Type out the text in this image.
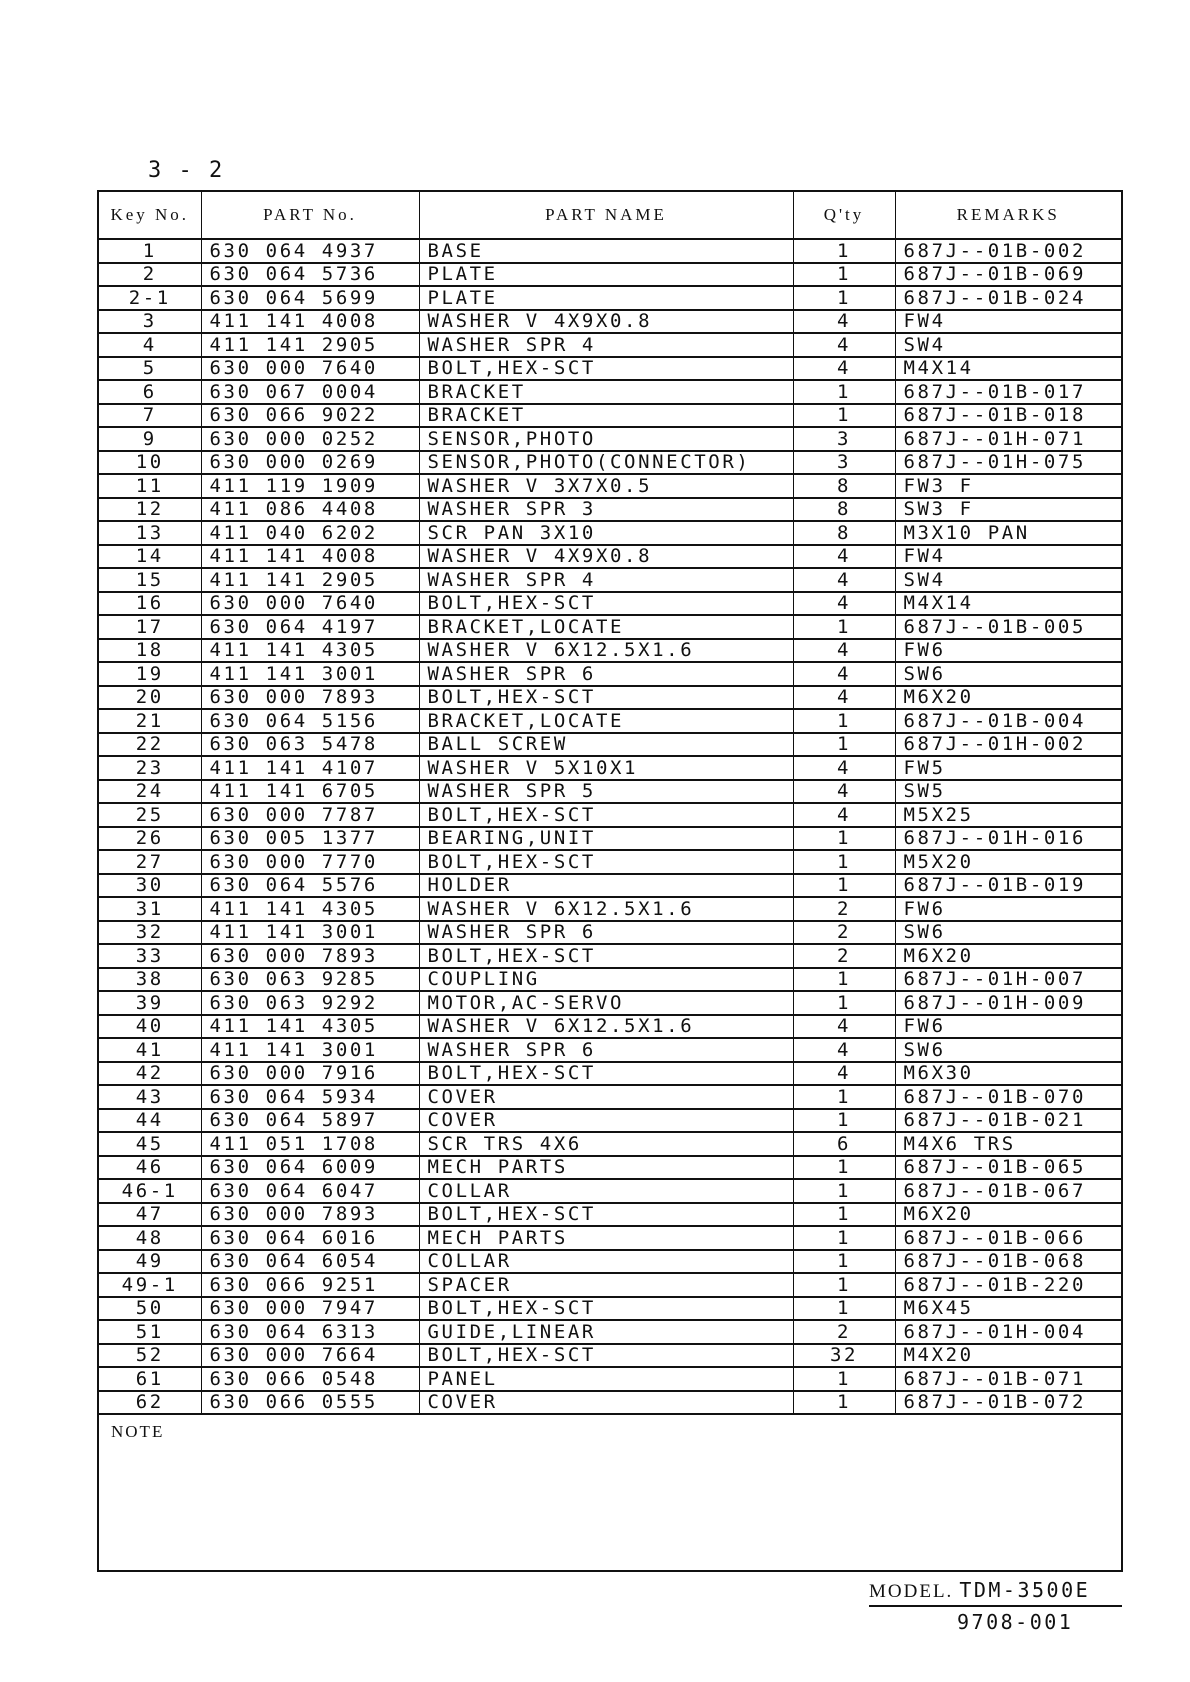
3 - 2
Key No.	PART No.	PART NAME	Q'ty	REMARKS
1	630 064 4937	BASE	1	687J--01B-002
2	630 064 5736	PLATE	1	687J--01B-069
2-1	630 064 5699	PLATE	1	687J--01B-024
3	411 141 4008	WASHER V 4X9X0.8	4	FW4
4	411 141 2905	WASHER SPR 4	4	SW4
5	630 000 7640	BOLT,HEX-SCT	4	M4X14
6	630 067 0004	BRACKET	1	687J--01B-017
7	630 066 9022	BRACKET	1	687J--01B-018
9	630 000 0252	SENSOR,PHOTO	3	687J--01H-071
10	630 000 0269	SENSOR,PHOTO(CONNECTOR)	3	687J--01H-075
11	411 119 1909	WASHER V 3X7X0.5	8	FW3 F
12	411 086 4408	WASHER SPR 3	8	SW3 F
13	411 040 6202	SCR PAN 3X10	8	M3X10 PAN
14	411 141 4008	WASHER V 4X9X0.8	4	FW4
15	411 141 2905	WASHER SPR 4	4	SW4
16	630 000 7640	BOLT,HEX-SCT	4	M4X14
17	630 064 4197	BRACKET,LOCATE	1	687J--01B-005
18	411 141 4305	WASHER V 6X12.5X1.6	4	FW6
19	411 141 3001	WASHER SPR 6	4	SW6
20	630 000 7893	BOLT,HEX-SCT	4	M6X20
21	630 064 5156	BRACKET,LOCATE	1	687J--01B-004
22	630 063 5478	BALL SCREW	1	687J--01H-002
23	411 141 4107	WASHER V 5X10X1	4	FW5
24	411 141 6705	WASHER SPR 5	4	SW5
25	630 000 7787	BOLT,HEX-SCT	4	M5X25
26	630 005 1377	BEARING,UNIT	1	687J--01H-016
27	630 000 7770	BOLT,HEX-SCT	1	M5X20
30	630 064 5576	HOLDER	1	687J--01B-019
31	411 141 4305	WASHER V 6X12.5X1.6	2	FW6
32	411 141 3001	WASHER SPR 6	2	SW6
33	630 000 7893	BOLT,HEX-SCT	2	M6X20
38	630 063 9285	COUPLING	1	687J--01H-007
39	630 063 9292	MOTOR,AC-SERVO	1	687J--01H-009
40	411 141 4305	WASHER V 6X12.5X1.6	4	FW6
41	411 141 3001	WASHER SPR 6	4	SW6
42	630 000 7916	BOLT,HEX-SCT	4	M6X30
43	630 064 5934	COVER	1	687J--01B-070
44	630 064 5897	COVER	1	687J--01B-021
45	411 051 1708	SCR TRS 4X6	6	M4X6 TRS
46	630 064 6009	MECH PARTS	1	687J--01B-065
46-1	630 064 6047	COLLAR	1	687J--01B-067
47	630 000 7893	BOLT,HEX-SCT	1	M6X20
48	630 064 6016	MECH PARTS	1	687J--01B-066
49	630 064 6054	COLLAR	1	687J--01B-068
49-1	630 066 9251	SPACER	1	687J--01B-220
50	630 000 7947	BOLT,HEX-SCT	1	M6X45
51	630 064 6313	GUIDE,LINEAR	2	687J--01H-004
52	630 000 7664	BOLT,HEX-SCT	32	M4X20
61	630 066 0548	PANEL	1	687J--01B-071
62	630 066 0555	COVER	1	687J--01B-072
NOTE
MODEL. TDM-3500E
9708-001
